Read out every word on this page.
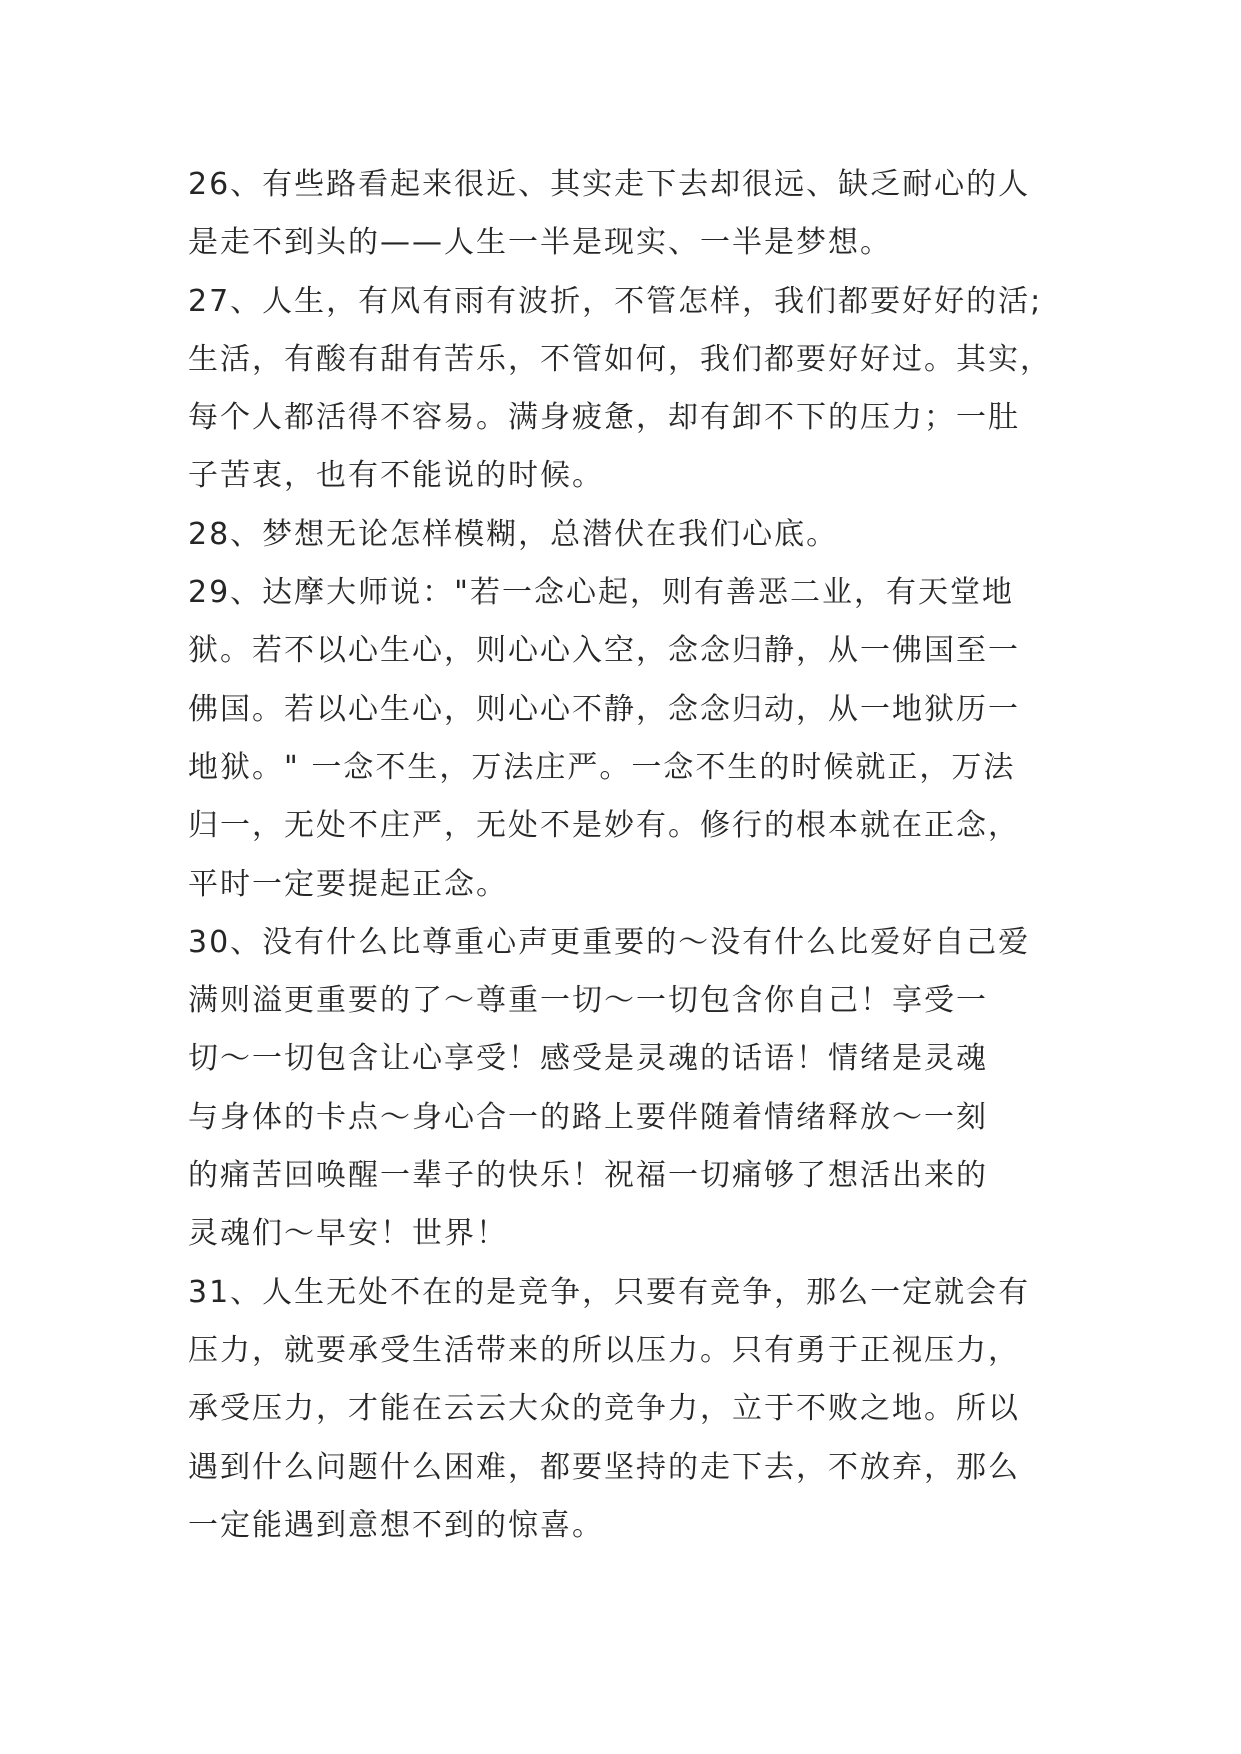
26、有些路看起来很近、其实走下去却很远、缺乏耐心的人
是走不到头的——人生一半是现实、一半是梦想。
27、人生，有风有雨有波折，不管怎样，我们都要好好的活;
生活，有酸有甜有苦乐，不管如何，我们都要好好过。其实，
每个人都活得不容易。满身疲惫，却有卸不下的压力；一肚
子苦衷，也有不能说的时候。
28、梦想无论怎样模糊，总潜伏在我们心底。
29、达摩大师说："若一念心起，则有善恶二业，有天堂地
狱。若不以心生心，则心心入空，念念归静，从一佛国至一
佛国。若以心生心，则心心不静，念念归动，从一地狱历一
地狱。" 一念不生，万法庄严。一念不生的时候就正，万法
归一，无处不庄严，无处不是妙有。修行的根本就在正念，
平时一定要提起正念。
30、没有什么比尊重心声更重要的～没有什么比爱好自己爱
满则溢更重要的了～尊重一切～一切包含你自己！享受一
切～一切包含让心享受！感受是灵魂的话语！情绪是灵魂
与身体的卡点～身心合一的路上要伴随着情绪释放～一刻
的痛苦回唤醒一辈子的快乐！祝福一切痛够了想活出来的
灵魂们～早安！世界！
31、人生无处不在的是竞争，只要有竞争，那么一定就会有
压力，就要承受生活带来的所以压力。只有勇于正视压力，
承受压力，才能在云云大众的竞争力，立于不败之地。所以
遇到什么问题什么困难，都要坚持的走下去，不放弃，那么
一定能遇到意想不到的惊喜。
